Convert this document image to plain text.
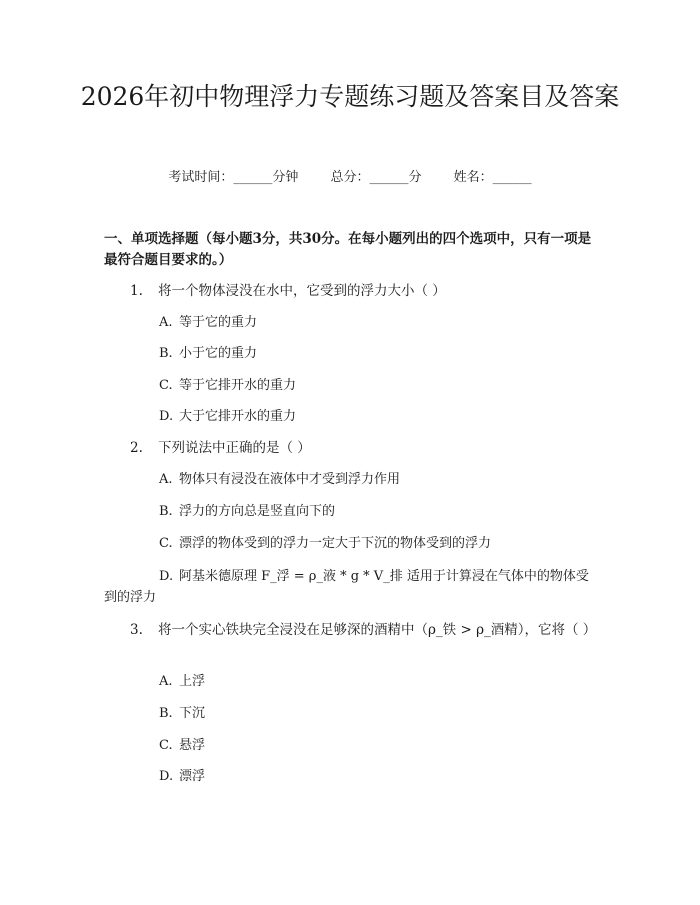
2026年初中物理浮力专题练习题及答案目及答案
考试时间：______分钟 总分：______分 姓名：______
一、单项选择题（每小题3分，共30分。在每小题列出的四个选项中，只有一项是最符合题目要求的。）
1. 将一个物体浸没在水中，它受到的浮力大小（ ）
A. 等于它的重力
B. 小于它的重力
C. 等于它排开水的重力
D. 大于它排开水的重力
2. 下列说法中正确的是（ ）
A. 物体只有浸没在液体中才受到浮力作用
B. 浮力的方向总是竖直向下的
C. 漂浮的物体受到的浮力一定大于下沉的物体受到的浮力
D. 阿基米德原理 F_浮 = ρ_液 * g * V_排 适用于计算浸在气体中的物体受到的浮力
3. 将一个实心铁块完全浸没在足够深的酒精中（ρ_铁 > ρ_酒精），它将（ ）
A. 上浮
B. 下沉
C. 悬浮
D. 漂浮
